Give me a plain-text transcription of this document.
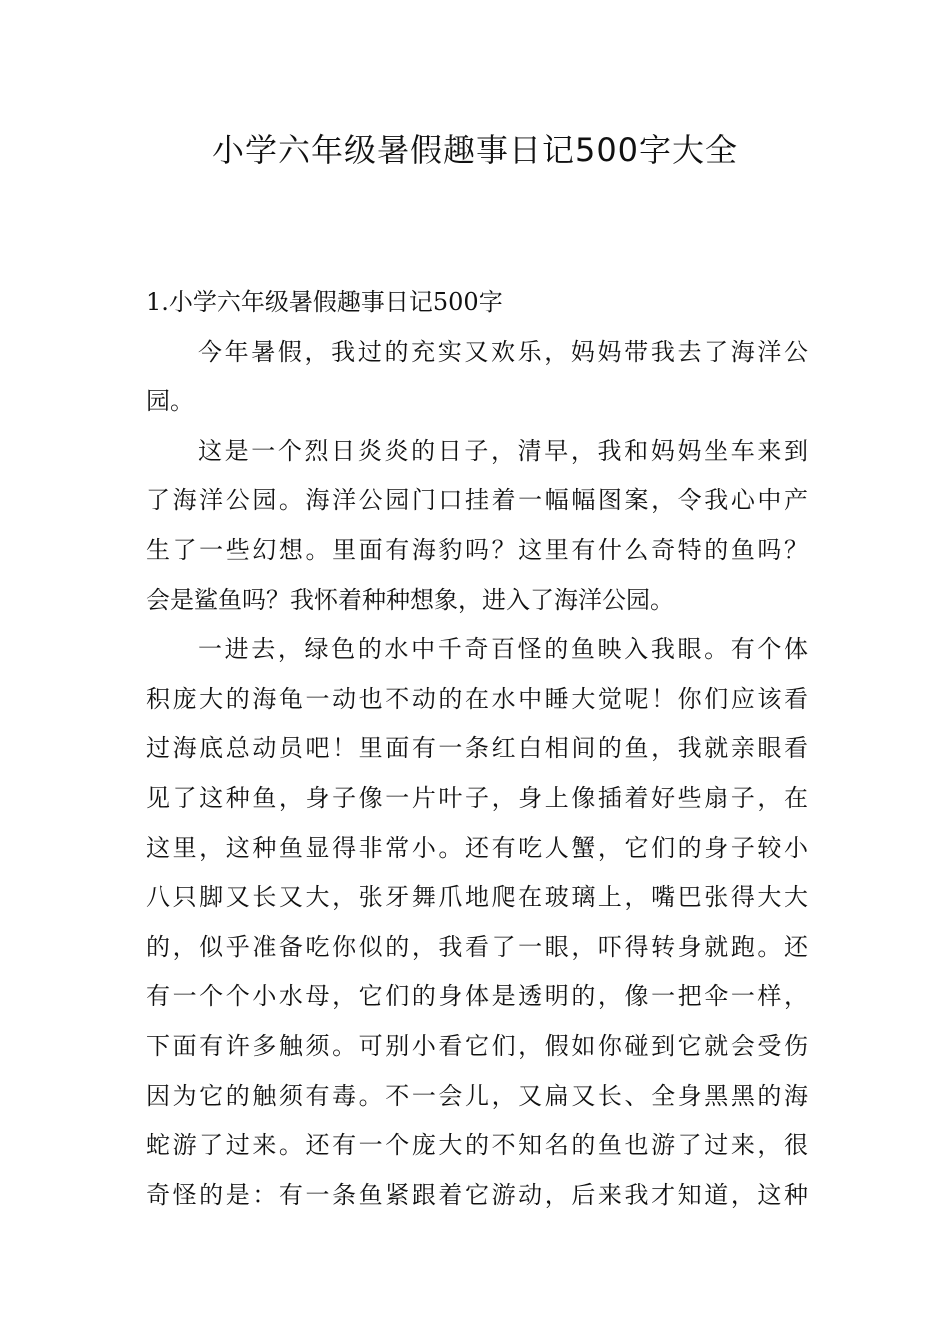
小学六年级暑假趣事日记500字大全
1.小学六年级暑假趣事日记500字
今年暑假，我过的充实又欢乐，妈妈带我去了海洋公
园。
这是一个烈日炎炎的日子，清早，我和妈妈坐车来到
了海洋公园。海洋公园门口挂着一幅幅图案，令我心中产
生了一些幻想。里面有海豹吗？这里有什么奇特的鱼吗？
会是鲨鱼吗？我怀着种种想象，进入了海洋公园。
一进去，绿色的水中千奇百怪的鱼映入我眼。有个体
积庞大的海龟一动也不动的在水中睡大觉呢！你们应该看
过海底总动员吧！里面有一条红白相间的鱼，我就亲眼看
见了这种鱼，身子像一片叶子，身上像插着好些扇子，在
这里，这种鱼显得非常小。还有吃人蟹，它们的身子较小
八只脚又长又大，张牙舞爪地爬在玻璃上，嘴巴张得大大
的，似乎准备吃你似的，我看了一眼，吓得转身就跑。还
有一个个小水母，它们的身体是透明的，像一把伞一样，
下面有许多触须。可别小看它们，假如你碰到它就会受伤
因为它的触须有毒。不一会儿，又扁又长、全身黑黑的海
蛇游了过来。还有一个庞大的不知名的鱼也游了过来，很
奇怪的是：有一条鱼紧跟着它游动，后来我才知道，这种
